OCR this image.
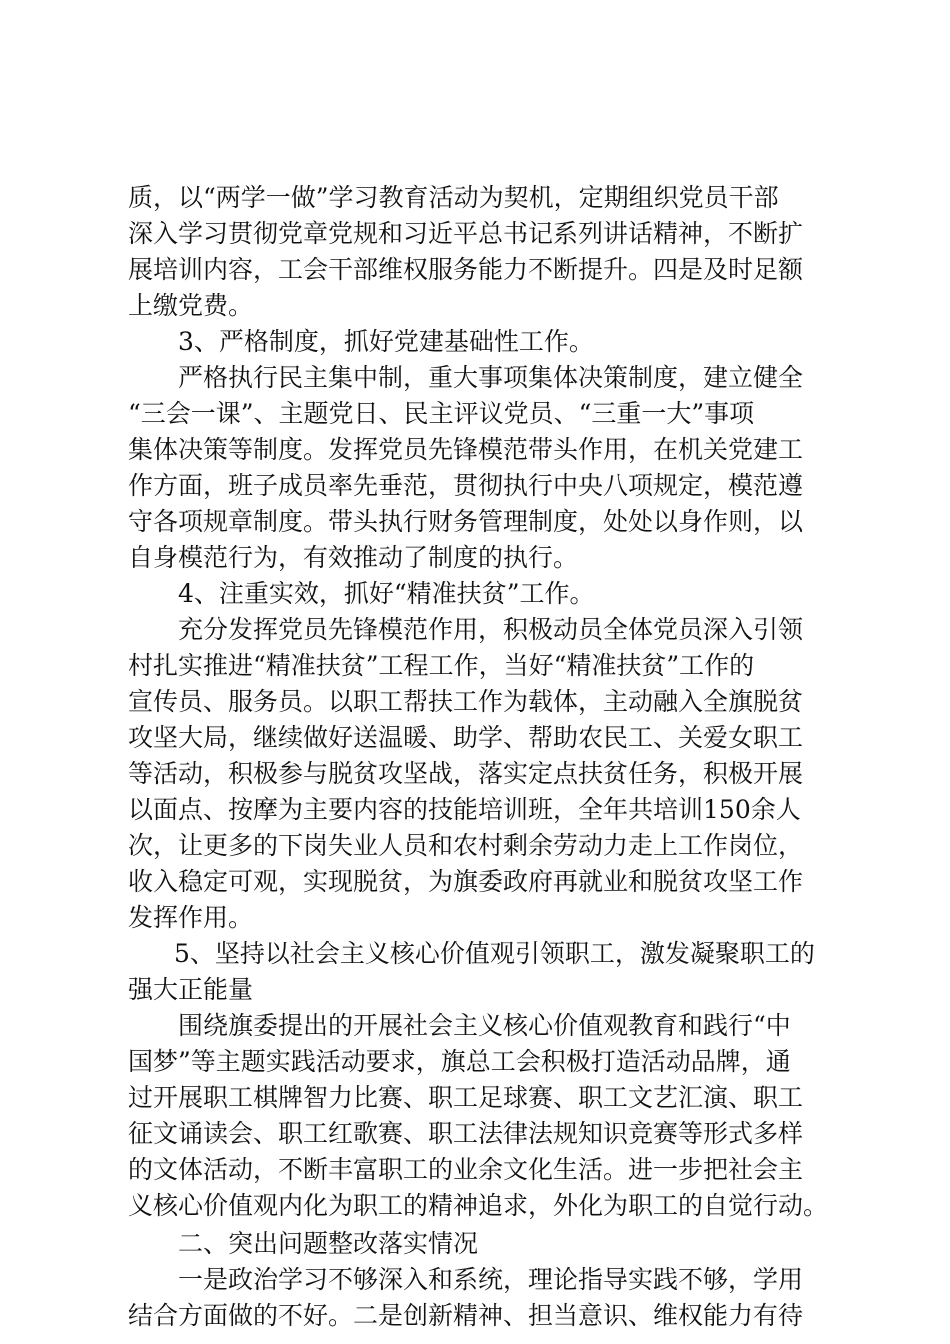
质，以“两学一做”学习教育活动为契机，定期组织党员干部
深入学习贯彻党章党规和习近平总书记系列讲话精神，不断扩
展培训内容，工会干部维权服务能力不断提升。四是及时足额
上缴党费。
3、严格制度，抓好党建基础性工作。
严格执行民主集中制，重大事项集体决策制度，建立健全
“三会一课”、主题党日、民主评议党员、“三重一大”事项
集体决策等制度。发挥党员先锋模范带头作用，在机关党建工
作方面，班子成员率先垂范，贯彻执行中央八项规定，模范遵
守各项规章制度。带头执行财务管理制度，处处以身作则，以
自身模范行为，有效推动了制度的执行。
4、注重实效，抓好“精准扶贫”工作。
充分发挥党员先锋模范作用，积极动员全体党员深入引领
村扎实推进“精准扶贫”工程工作，当好“精准扶贫”工作的
宣传员、服务员。以职工帮扶工作为载体，主动融入全旗脱贫
攻坚大局，继续做好送温暖、助学、帮助农民工、关爱女职工
等活动，积极参与脱贫攻坚战，落实定点扶贫任务，积极开展
以面点、按摩为主要内容的技能培训班，全年共培训150余人
次，让更多的下岗失业人员和农村剩余劳动力走上工作岗位，
收入稳定可观，实现脱贫，为旗委政府再就业和脱贫攻坚工作
发挥作用。
5、坚持以社会主义核心价值观引领职工，激发凝聚职工的
强大正能量
围绕旗委提出的开展社会主义核心价值观教育和践行“中
国梦”等主题实践活动要求，旗总工会积极打造活动品牌，通
过开展职工棋牌智力比赛、职工足球赛、职工文艺汇演、职工
征文诵读会、职工红歌赛、职工法律法规知识竞赛等形式多样
的文体活动，不断丰富职工的业余文化生活。进一步把社会主
义核心价值观内化为职工的精神追求，外化为职工的自觉行动。
二、突出问题整改落实情况
一是政治学习不够深入和系统，理论指导实践不够，学用
结合方面做的不好。二是创新精神、担当意识、维权能力有待
